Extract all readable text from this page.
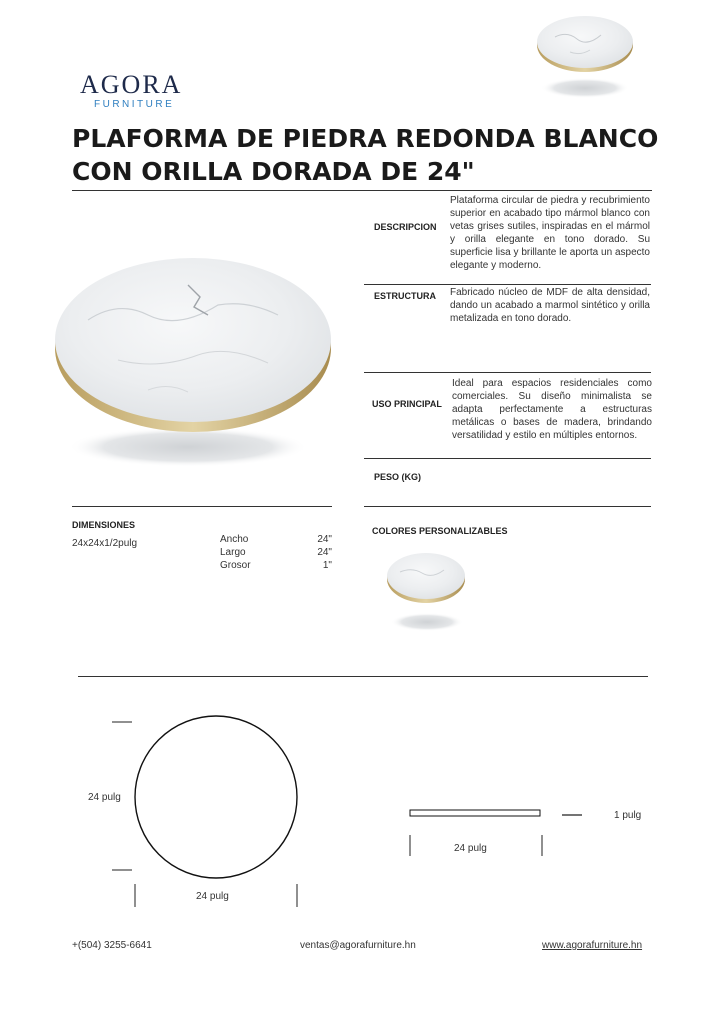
AGORA
FURNITURE
PLAFORMA DE PIEDRA REDONDA BLANCO CON ORILLA DORADA DE 24"
DESCRIPCION
Plataforma circular de piedra y recubrimiento superior en acabado tipo mármol blanco con vetas grises sutiles, inspiradas en el mármol y orilla elegante en tono dorado. Su superficie lisa y brillante le aporta un aspecto elegante y moderno.
ESTRUCTURA Fabricado núcleo de MDF de alta densidad, dando un acabado a marmol sintético y orilla metalizada en tono dorado.
USO PRINCIPAL
Ideal para espacios residenciales como comerciales. Su diseño minimalista se adapta perfectamente a estructuras metálicas o bases de madera, brindando versatilidad y estilo en múltiples entornos.
PESO (KG)
DIMENSIONES
24x24x1/2pulg	Ancho	24"
Largo	24"
Grosor	1"
COLORES PERSONALIZABLES
24 pulg
24 pulg
1 pulg
24 pulg
+(504) 3255-6641	ventas@agorafurniture.hn	www.agorafurniture.hn
